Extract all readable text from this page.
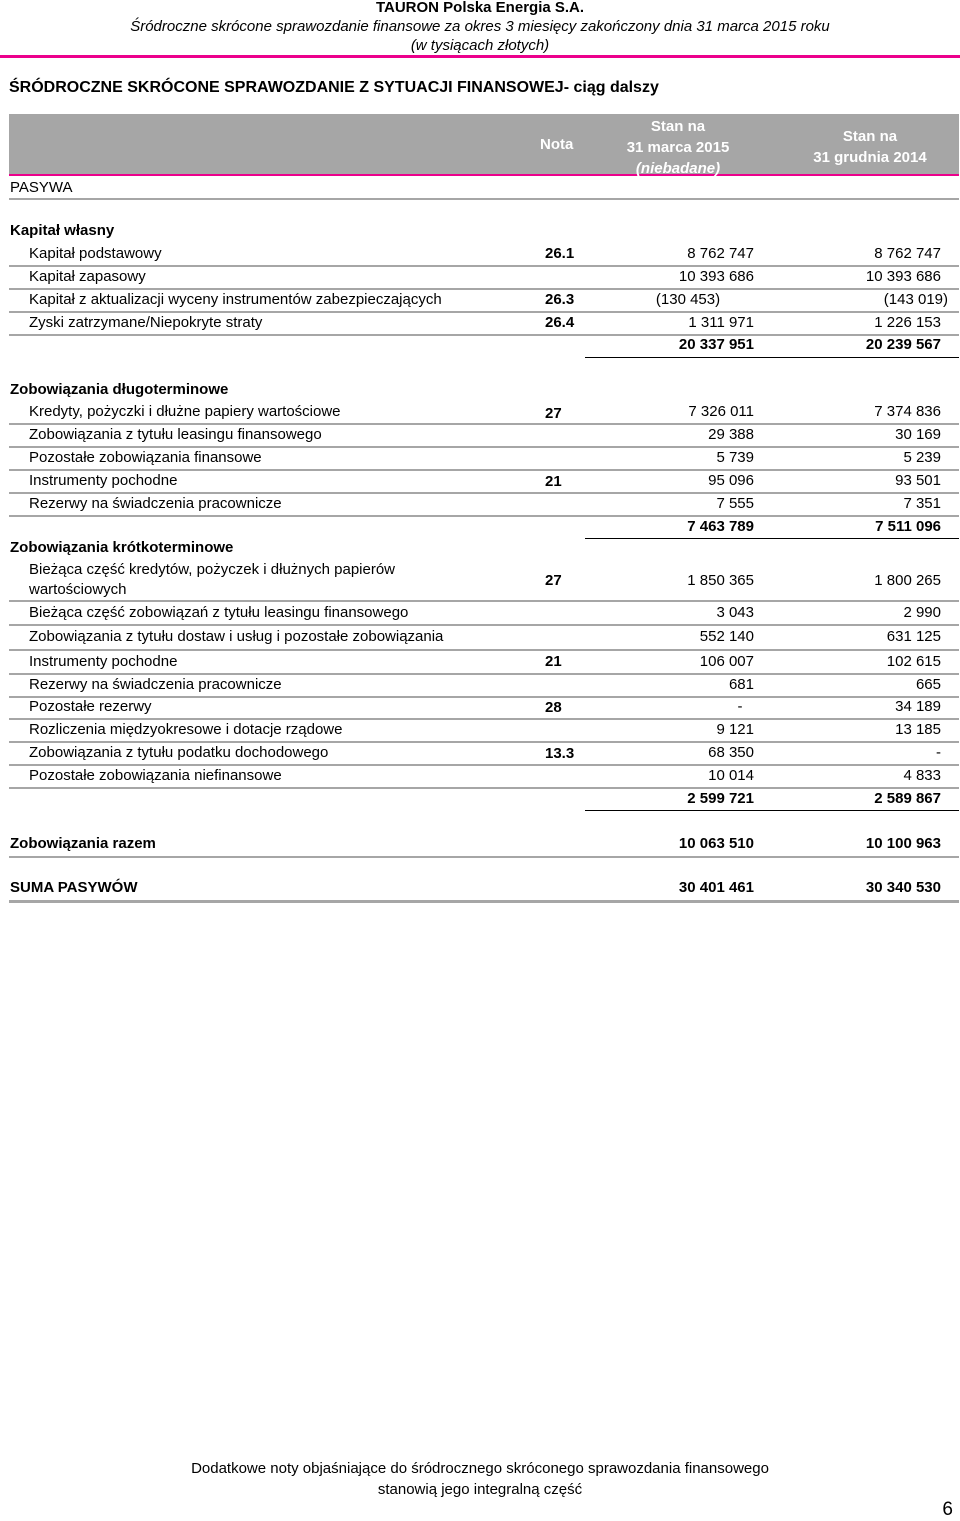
TAURON Polska Energia S.A.
Śródroczne skrócone sprawozdanie finansowe za okres 3 miesięcy zakończony dnia 31 marca 2015 roku
(w tysiącach złotych)
ŚRÓDROCZNE SKRÓCONE SPRAWOZDANIE Z SYTUACJI FINANSOWEJ- ciąg dalszy
Nota
Stan na
31 marca 2015
(niebadane)
Stan na
31 grudnia 2014
PASYWA
Kapitał własny
Kapitał podstawowy	26.1	8 762 747	8 762 747
Kapitał zapasowy	10 393 686	10 393 686
Kapitał z aktualizacji wyceny instrumentów zabezpieczających	26.3	(130 453)	(143 019)
Zyski zatrzymane/Niepokryte straty	26.4	1 311 971	1 226 153
20 337 951	20 239 567
Zobowiązania długoterminowe
Kredyty, pożyczki i dłużne papiery wartościowe	27	7 326 011	7 374 836
Zobowiązania z tytułu leasingu finansowego	29 388	30 169
Pozostałe zobowiązania finansowe	5 739	5 239
Instrumenty pochodne	21	95 096	93 501
Rezerwy na świadczenia pracownicze	7 555	7 351
7 463 789	7 511 096
Zobowiązania krótkoterminowe
Bieżąca część kredytów, pożyczek i dłużnych papierów
wartościowych
27	1 850 365	1 800 265
Bieżąca część zobowiązań z tytułu leasingu finansowego	3 043	2 990
Zobowiązania z tytułu dostaw i usług i pozostałe zobowiązania	552 140	631 125
Instrumenty pochodne	21	106 007	102 615
Rezerwy na świadczenia pracownicze	681	665
Pozostałe rezerwy	28	-	34 189
Rozliczenia międzyokresowe i dotacje rządowe	9 121	13 185
Zobowiązania z tytułu podatku dochodowego	13.3	68 350	-
Pozostałe zobowiązania niefinansowe	10 014	4 833
2 599 721	2 589 867
Zobowiązania razem	10 063 510	10 100 963
SUMA PASYWÓW	30 401 461	30 340 530
Dodatkowe noty objaśniające do śródrocznego skróconego sprawozdania finansowego
stanowią jego integralną część
6
